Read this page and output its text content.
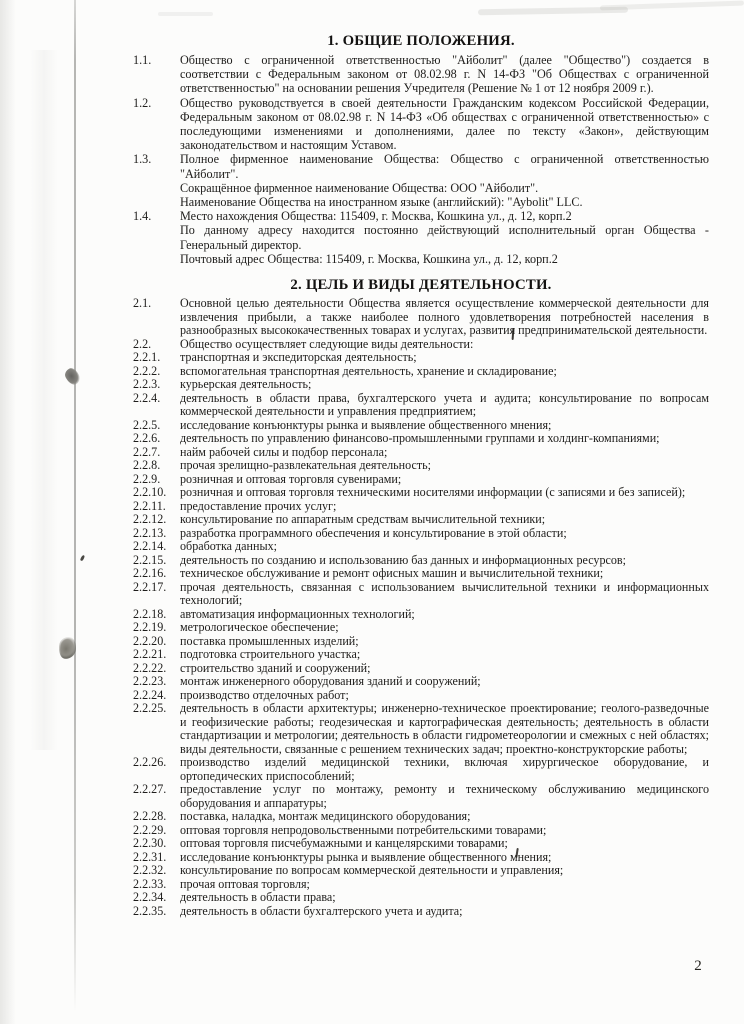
1. ОБЩИЕ ПОЛОЖЕНИЯ.
1.1.	Общество с ограниченной ответственностью "Айболит" (далее "Общество") создается в соответствии с Федеральным законом от 08.02.98 г. N 14-ФЗ "Об Обществах с ограниченной ответственностью" на основании решения Учредителя (Решение № 1 от 12 ноября 2009 г.).
1.2.	Общество руководствуется в своей деятельности Гражданским кодексом Российской Федерации, Федеральным законом от 08.02.98 г. N 14-ФЗ «Об обществах с ограниченной ответственностью» с последующими изменениями и дополнениями, далее по тексту «Закон», действующим законодательством и настоящим Уставом.
1.3.	Полное фирменное наименование Общества: Общество с ограниченной ответственностью "Айболит".
Сокращённое фирменное наименование Общества: ООО "Айболит".
Наименование Общества на иностранном языке (английский): "Aybolit" LLC.
1.4.	Место нахождения Общества: 115409, г. Москва, Кошкина ул., д. 12, корп.2
По данному адресу находится постоянно действующий исполнительный орган Общества - Генеральный директор.
Почтовый адрес Общества: 115409, г. Москва, Кошкина ул., д. 12, корп.2
2. ЦЕЛЬ И ВИДЫ ДЕЯТЕЛЬНОСТИ.
2.1.	Основной целью деятельности Общества является осуществление коммерческой деятельности для извлечения прибыли, а также наиболее полного удовлетворения потребностей населения в разнообразных высококачественных товарах и услугах, развития предпринимательской деятельности.
2.2.	Общество осуществляет следующие виды деятельности:
2.2.1.	транспортная и экспедиторская деятельность;
2.2.2.	вспомогательная транспортная деятельность, хранение и складирование;
2.2.3.	курьерская деятельность;
2.2.4.	деятельность в области права, бухгалтерского учета и аудита; консультирование по вопросам коммерческой деятельности и управления предприятием;
2.2.5.	исследование конъюнктуры рынка и выявление общественного мнения;
2.2.6.	деятельность по управлению финансово-промышленными группами и холдинг-компаниями;
2.2.7.	найм рабочей силы и подбор персонала;
2.2.8.	прочая зрелищно-развлекательная деятельность;
2.2.9.	розничная и оптовая торговля сувенирами;
2.2.10.	розничная и оптовая торговля техническими носителями информации (с записями и без записей);
2.2.11.	предоставление прочих услуг;
2.2.12.	консультирование по аппаратным средствам вычислительной техники;
2.2.13.	разработка программного обеспечения и консультирование в этой области;
2.2.14.	обработка данных;
2.2.15.	деятельность по созданию и использованию баз данных и информационных ресурсов;
2.2.16.	техническое обслуживание и ремонт офисных машин и вычислительной техники;
2.2.17.	прочая деятельность, связанная с использованием вычислительной техники и информационных технологий;
2.2.18.	автоматизация информационных технологий;
2.2.19.	метрологическое обеспечение;
2.2.20.	поставка промышленных изделий;
2.2.21.	подготовка строительного участка;
2.2.22.	строительство зданий и сооружений;
2.2.23.	монтаж инженерного оборудования зданий и сооружений;
2.2.24.	производство отделочных работ;
2.2.25.	деятельность в области архитектуры; инженерно-техническое проектирование; геолого-разведочные и геофизические работы; геодезическая и картографическая деятельность; деятельность в области стандартизации и метрологии; деятельность в области гидрометеорологии и смежных с ней областях; виды деятельности, связанные с решением технических задач; проектно-конструкторские работы;
2.2.26.	производство изделий медицинской техники, включая хирургическое оборудование, и ортопедических приспособлений;
2.2.27.	предоставление услуг по монтажу, ремонту и техническому обслуживанию медицинского оборудования и аппаратуры;
2.2.28.	поставка, наладка, монтаж медицинского оборудования;
2.2.29.	оптовая торговля непродовольственными потребительскими товарами;
2.2.30.	оптовая торговля писчебумажными и канцелярскими товарами;
2.2.31.	исследование конъюнктуры рынка и выявление общественного мнения;
2.2.32.	консультирование по вопросам коммерческой деятельности и управления;
2.2.33.	прочая оптовая торговля;
2.2.34.	деятельность в области права;
2.2.35.	деятельность в области бухгалтерского учета и аудита;
2
